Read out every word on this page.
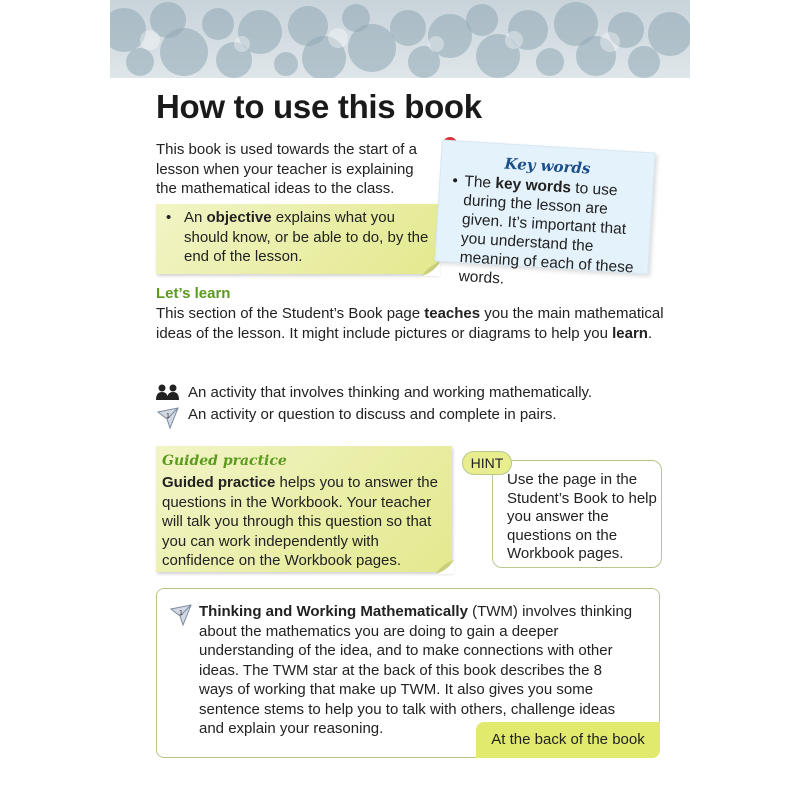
How to use this book
This book is used towards the start of a lesson when your teacher is explaining the mathematical ideas to the class.
• An objective explains what you should know, or be able to do, by the end of the lesson.
Key words
• The key words to use during the lesson are given. It’s important that you understand the meaning of each of these words.
Let’s learn
This section of the Student’s Book page teaches you the main mathematical ideas of the lesson. It might include pictures or diagrams to help you learn.
An activity that involves thinking and working mathematically.
1 An activity or question to discuss and complete in pairs.
Guided practice
Guided practice helps you to answer the questions in the Workbook. Your teacher will talk you through this question so that you can work independently with confidence on the Workbook pages.
Use the page in the Student’s Book to help you answer the questions on the Workbook pages.
HINT
1 Thinking and Working Mathematically (TWM) involves thinking about the mathematics you are doing to gain a deeper understanding of the idea, and to make connections with other ideas. The TWM star at the back of this book describes the 8 ways of working that make up TWM. It also gives you some sentence stems to help you to talk with others, challenge ideas and explain your reasoning.
At the back of the book
